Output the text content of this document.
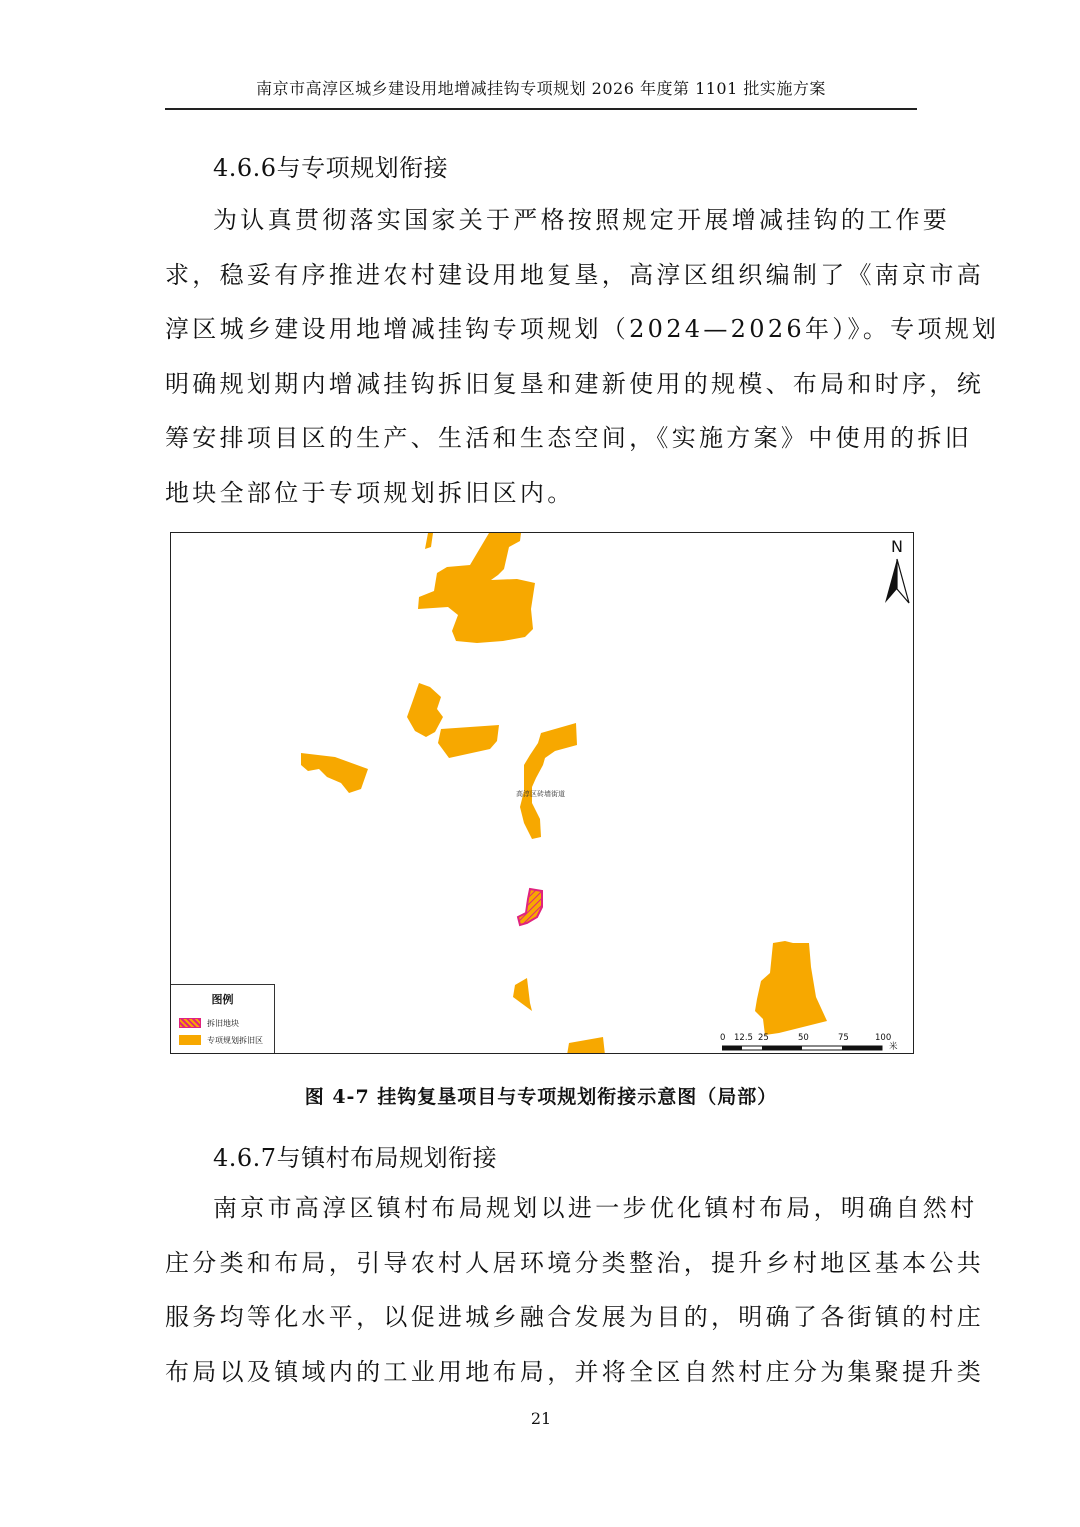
南京市高淳区城乡建设用地增减挂钩专项规划 2026 年度第 1101 批实施方案
4.6.6与专项规划衔接
为认真贯彻落实国家关于严格按照规定开展增减挂钩的工作要
求，稳妥有序推进农村建设用地复垦，高淳区组织编制了《南京市高
淳区城乡建设用地增减挂钩专项规划（2024—2026年）》。专项规划
明确规划期内增减挂钩拆旧复垦和建新使用的规模、布局和时序，统
筹安排项目区的生产、生活和生态空间，《实施方案》中使用的拆旧
地块全部位于专项规划拆旧区内。
高淳区砖墙街道
N
0 12.5 25	50	75	100
米
图例
拆旧地块
专项规划拆旧区
图 4-7 挂钩复垦项目与专项规划衔接示意图（局部）
4.6.7与镇村布局规划衔接
南京市高淳区镇村布局规划以进一步优化镇村布局，明确自然村
庄分类和布局，引导农村人居环境分类整治，提升乡村地区基本公共
服务均等化水平，以促进城乡融合发展为目的，明确了各街镇的村庄
布局以及镇域内的工业用地布局，并将全区自然村庄分为集聚提升类
21
